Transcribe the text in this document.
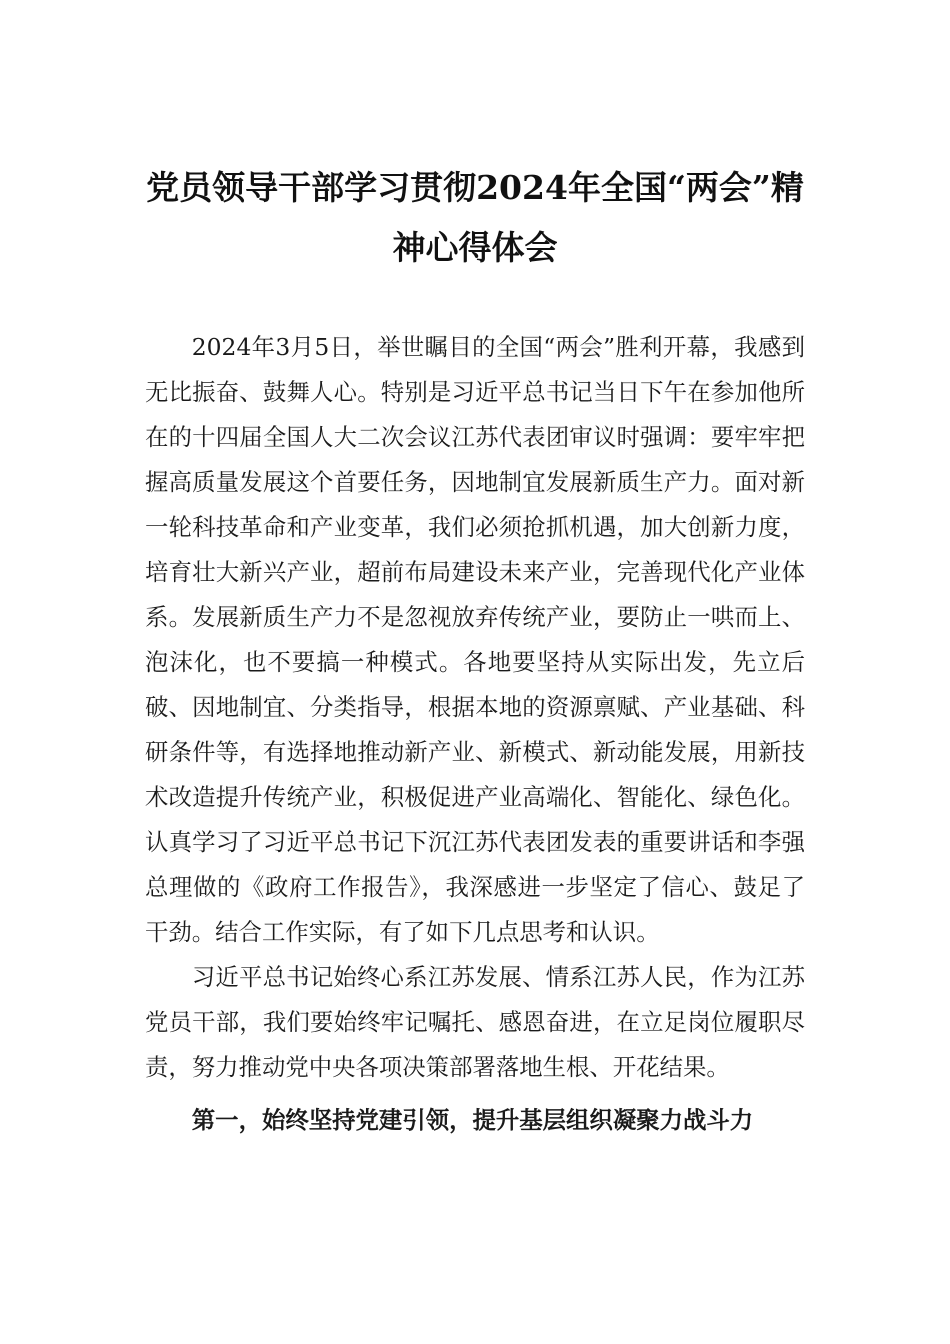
党员领导干部学习贯彻2024年全国“两会”精神心得体会

2024年3月5日，举世瞩目的全国“两会”胜利开幕，我感到无比振奋、鼓舞人心。特别是习近平总书记当日下午在参加他所在的十四届全国人大二次会议江苏代表团审议时强调：要牢牢把握高质量发展这个首要任务，因地制宜发展新质生产力。面对新一轮科技革命和产业变革，我们必须抢抓机遇，加大创新力度，培育壮大新兴产业，超前布局建设未来产业，完善现代化产业体系。发展新质生产力不是忽视放弃传统产业，要防止一哄而上、泡沫化，也不要搞一种模式。各地要坚持从实际出发，先立后破、因地制宜、分类指导，根据本地的资源禀赋、产业基础、科研条件等，有选择地推动新产业、新模式、新动能发展，用新技术改造提升传统产业，积极促进产业高端化、智能化、绿色化。认真学习了习近平总书记下沉江苏代表团发表的重要讲话和李强总理做的《政府工作报告》，我深感进一步坚定了信心、鼓足了干劲。结合工作实际，有了如下几点思考和认识。

习近平总书记始终心系江苏发展、情系江苏人民，作为江苏党员干部，我们要始终牢记嘱托、感恩奋进，在立足岗位履职尽责，努力推动党中央各项决策部署落地生根、开花结果。

第一，始终坚持党建引领，提升基层组织凝聚力战斗力
